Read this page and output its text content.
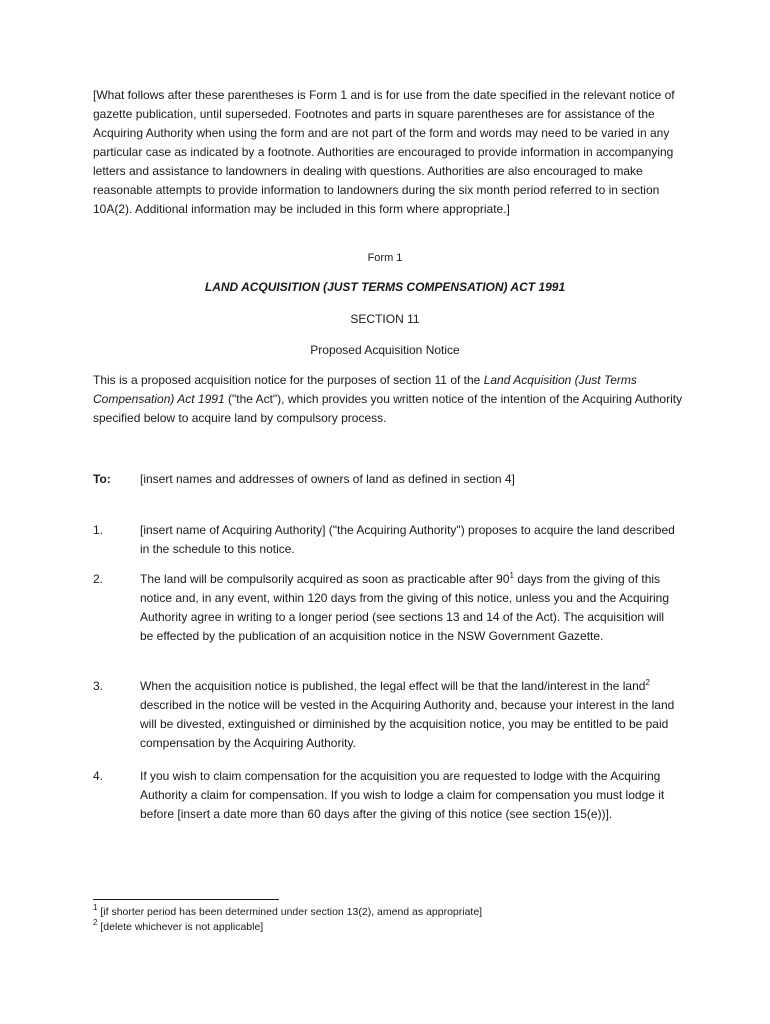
[What follows after these parentheses is Form 1 and is for use from the date specified in the relevant notice of gazette publication, until superseded. Footnotes and parts in square parentheses are for assistance of the Acquiring Authority when using the form and are not part of the form and words may need to be varied in any particular case as indicated by a footnote. Authorities are encouraged to provide information in accompanying letters and assistance to landowners in dealing with questions. Authorities are also encouraged to make reasonable attempts to provide information to landowners during the six month period referred to in section 10A(2). Additional information may be included in this form where appropriate.]
Form 1
LAND ACQUISITION (JUST TERMS COMPENSATION) ACT 1991
SECTION 11
Proposed Acquisition Notice
This is a proposed acquisition notice for the purposes of section 11 of the Land Acquisition (Just Terms Compensation) Act 1991 ("the Act"), which provides you written notice of the intention of the Acquiring Authority specified below to acquire land by compulsory process.
To: [insert names and addresses of owners of land as defined in section 4]
1.	[insert name of Acquiring Authority] ("the Acquiring Authority") proposes to acquire the land described in the schedule to this notice.
2.	The land will be compulsorily acquired as soon as practicable after $90^1$ days from the giving of this notice and, in any event, within 120 days from the giving of this notice, unless you and the Acquiring Authority agree in writing to a longer period (see sections 13 and 14 of the Act). The acquisition will be effected by the publication of an acquisition notice in the NSW Government Gazette.
3.	When the acquisition notice is published, the legal effect will be that the land/interest in the land$^2$ described in the notice will be vested in the Acquiring Authority and, because your interest in the land will be divested, extinguished or diminished by the acquisition notice, you may be entitled to be paid compensation by the Acquiring Authority.
4.	If you wish to claim compensation for the acquisition you are requested to lodge with the Acquiring Authority a claim for compensation. If you wish to lodge a claim for compensation you must lodge it before [insert a date more than 60 days after the giving of this notice (see section 15(e))].
$^1$ [if shorter period has been determined under section 13(2), amend as appropriate]
$^2$ [delete whichever is not applicable]
